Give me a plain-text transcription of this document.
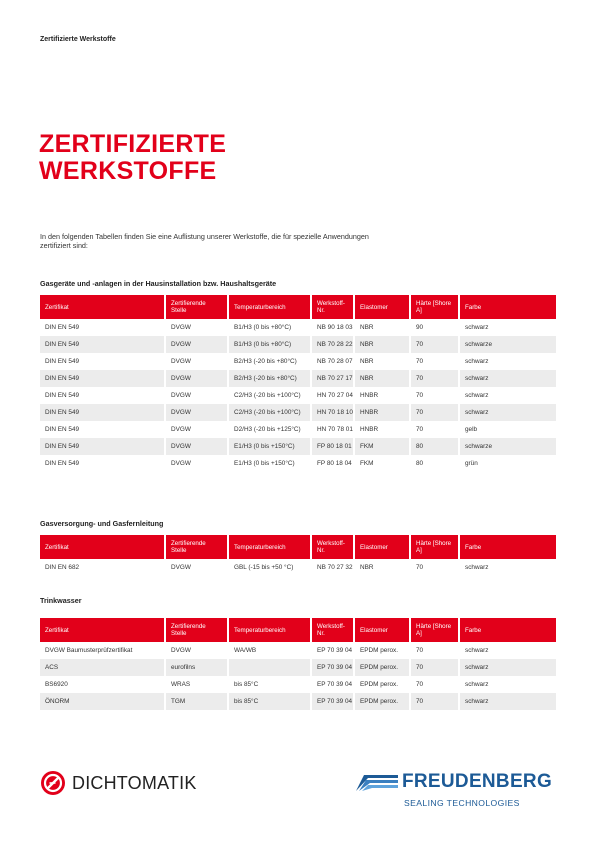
Zertifizierte Werkstoffe
ZERTIFIZIERTE
WERKSTOFFE

In den folgenden Tabellen finden Sie eine Auflistung unserer Werkstoffe, die für spezielle Anwendungen zertifiziert sind:

Gasgeräte und -anlagen in der Hausinstallation bzw. Haushaltsgeräte
Zertifikat	Zertifierende Stelle	Temperaturbereich	Werkstoff-Nr.	Elastomer	Härte [Shore A]	Farbe
DIN EN 549	DVGW	B1/H3 (0 bis +80°C)	NB 90 18 03	NBR	90	schwarz
DIN EN 549	DVGW	B1/H3 (0 bis +80°C)	NB 70 28 22	NBR	70	schwarze
DIN EN 549	DVGW	B2/H3 (-20 bis +80°C)	NB 70 28 07	NBR	70	schwarz
DIN EN 549	DVGW	B2/H3 (-20 bis +80°C)	NB 70 27 17	NBR	70	schwarz
DIN EN 549	DVGW	C2/H3 (-20 bis +100°C)	HN 70 27 04	HNBR	70	schwarz
DIN EN 549	DVGW	C2/H3 (-20 bis +100°C)	HN 70 18 10	HNBR	70	schwarz
DIN EN 549	DVGW	D2/H3 (-20 bis +125°C)	HN 70 78 01	HNBR	70	gelb
DIN EN 549	DVGW	E1/H3 (0 bis +150°C)	FP 80 18 01	FKM	80	schwarze
DIN EN 549	DVGW	E1/H3 (0 bis +150°C)	FP 80 18 04	FKM	80	grün
Gasversorgung- und Gasfernleitung
Zertifikat	Zertifierende Stelle	Temperaturbereich	Werkstoff-Nr.	Elastomer	Härte [Shore A]	Farbe
DIN EN 682	DVGW	GBL (-15 bis +50 °C)	NB 70 27 32	NBR	70	schwarz
Trinkwasser
Zertifikat	Zertifierende Stelle	Temperaturbereich	Werkstoff-Nr.	Elastomer	Härte [Shore A]	Farbe
DVGW Baumusterprüfzertifikat	DVGW	WA/WB	EP 70 39 04	EPDM perox.	70	schwarz
ACS	eurofilns		EP 70 39 04	EPDM perox.	70	schwarz
BS6920	WRAS	bis 85°C	EP 70 39 04	EPDM perox.	70	schwarz
ÖNORM	TGM	bis 85°C	EP 70 39 04	EPDM perox.	70	schwarz
DICHTOMATIK	FREUDENBERG
SEALING TECHNOLOGIES
